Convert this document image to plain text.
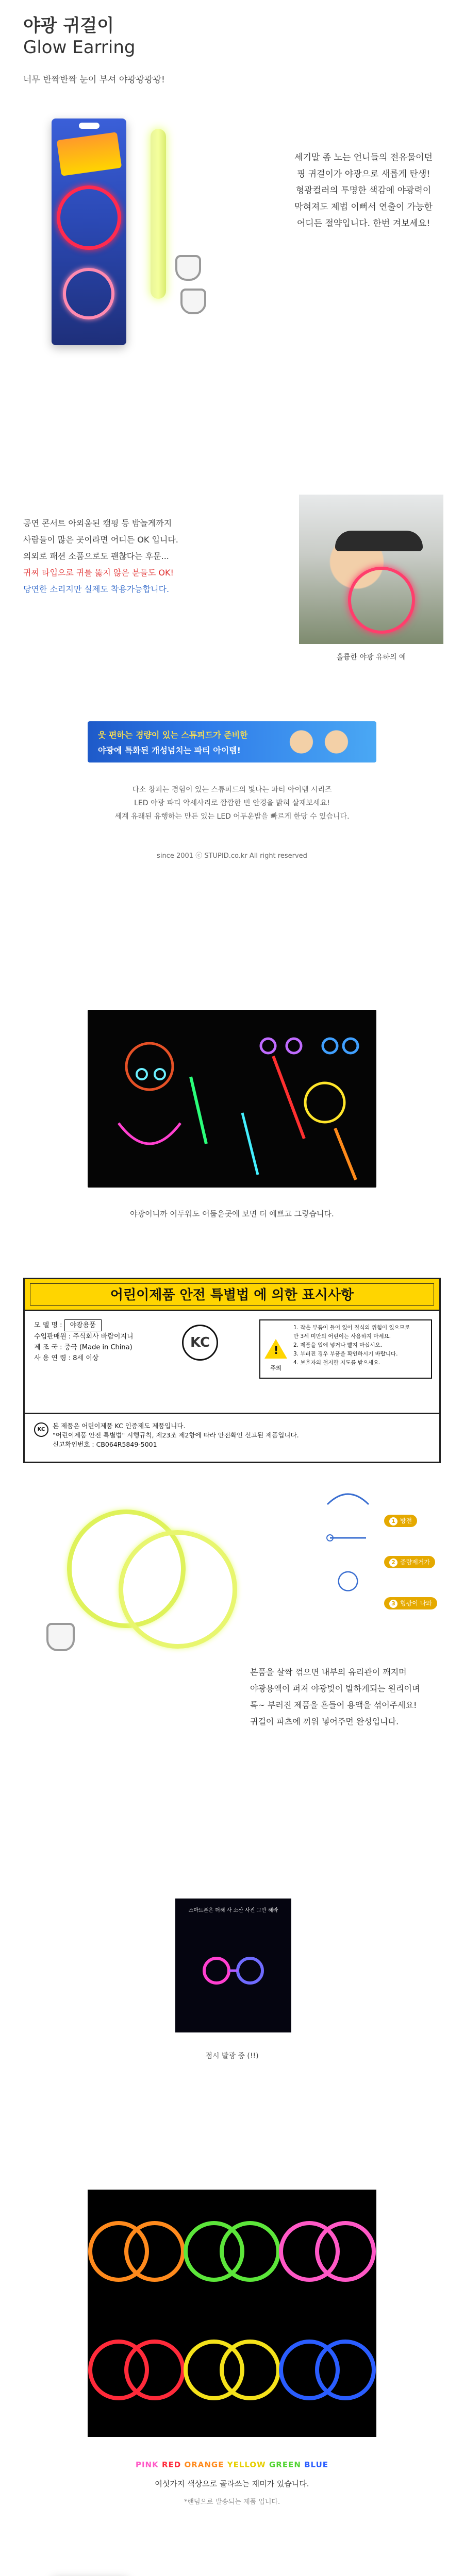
야광 귀걸이
Glow Earring

너무 반짝반짝 눈이 부셔 야광광광광!

세기말 좀 노는 언니들의 전유물이던

핑 귀걸이가 야광으로 새롭게 탄생!

형광컬러의 투명한 색감에 야광력이

막혀져도 제법 이뻐서 연출이 가능한

어디든 절약입니다. 한번 겨보세요!

공연 콘서트 아외움된 캠핑 등 밤놀게까지

사람들이 많은 곳이라면 어디든 OK 입니다.

의외로 패션 소품으로도 괜찮다는 후문...

귀찌 타입으로 귀를 뚫지 않은 분들도 OK!

당연한 소리지만 실제도 착용가능합니다.

홀륭한 야광 유하의 예

웃 편하는 경량이 있는 스튜피드가 준비한

야광에 특화된 개성넘치는 파티 아이템!

다소 창피는 경험이 있는 스튜피드의 빛나는 파티 아이템 시리즈

LED 야광 파티 악세사리로 깜깜한 빈 안경을 밝혀 살재보세요!

세계 유래된 유행하는 만든 있는 LED 어두운밤을 빠르게 한당 수 있습니다.

since 2001 ⓒ STUPID.co.kr All right reserved

야광이니까 어두워도 어둡운곳에 보면 더 예쁘고 그렇습니다.

어린이제품 안전 특별법 에 의한 표시사항

모 델 명 : 야광용품

수입판매원 : 주식회사 바람이지니

제 조 국 : 중국 (Made in China)

사 용 연 령 : 8세 이상

KC	!

주의

1. 작은 부품이 들어 있어 질식의 위험이 있으므로
만 3세 미만의 어린이는 사용하지 마세요.
2. 제품을 입에 넣거나 빨지 마십시오.
3. 부러진 경우 부품을 확인하시기 바랍니다.
4. 보호자의 철저한 지도를 받으세요.
KC	본 제품은 어린이제품 KC 인증제도 제품입니다.

"어린이제품 안전 특별법" 시행규칙, 제23조 제2항에 따라 안전확인 신고된 제품입니다.

신고확인번호 : CB064R5849-5001

1 방전

2 중량제거가

3 형광이 나와

본품을 살짝 꺾으면 내부의 유리관이 깨지며

야광용액이 퍼져 야광빛이 발하게되는 원리이며

톡~ 부러진 제품을 흔들어 용액을 섞어주세요!

귀걸이 파츠에 끼워 넣어주면 완성입니다.

스마트폰은 더해 사 소산 사진 그만 해라

점시 발광 중 (!!)

PINK RED ORANGE YELLOW GREEN BLUE

여섯가지 색상으로 골라쓰는 재미가 있습니다.

*랜덤으로 발송되는 제품 입니다.
